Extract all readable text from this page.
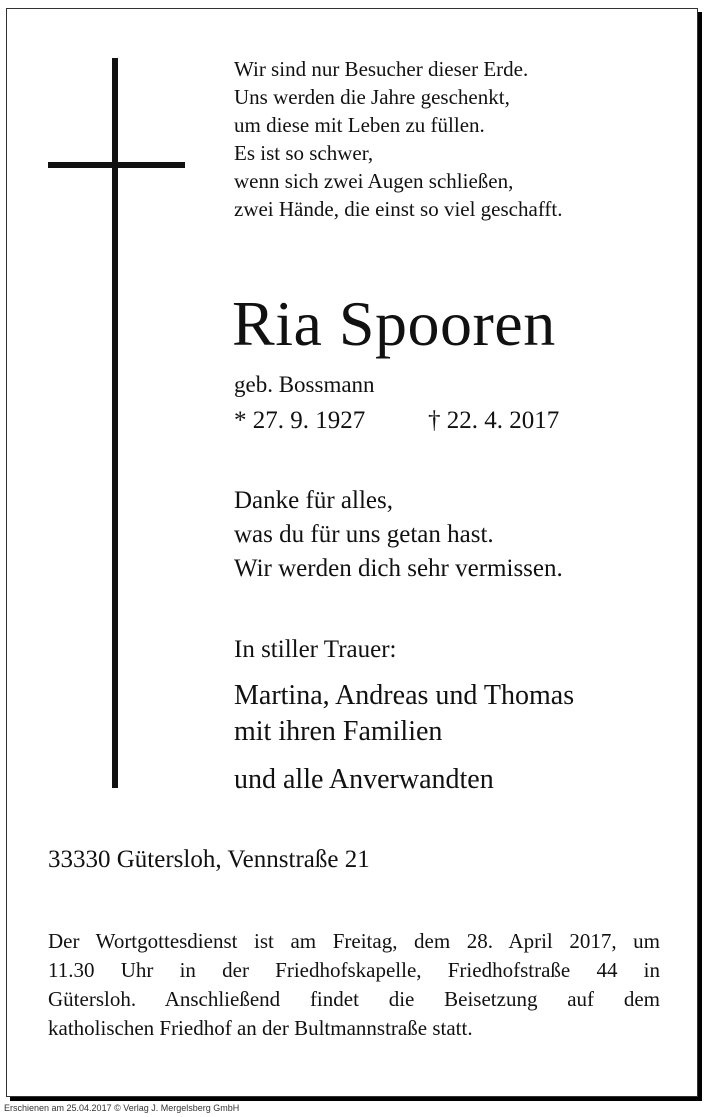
Wir sind nur Besucher dieser Erde.
Uns werden die Jahre geschenkt,
um diese mit Leben zu füllen.
Es ist so schwer,
wenn sich zwei Augen schließen,
zwei Hände, die einst so viel geschafft.
Ria Spooren
geb. Bossmann
* 27. 9. 1927	† 22. 4. 2017
Danke für alles,
was du für uns getan hast.
Wir werden dich sehr vermissen.
In stiller Trauer:
Martina, Andreas und Thomas
mit ihren Familien
und alle Anverwandten
33330 Gütersloh, Vennstraße 21
Der Wortgottesdienst ist am Freitag, dem 28. April 2017, um
11.30 Uhr in der Friedhofskapelle, Friedhofstraße 44 in
Gütersloh. Anschließend findet die Beisetzung auf dem
katholischen Friedhof an der Bultmannstraße statt.
Erschienen am 25.04.2017 © Verlag J. Mergelsberg GmbH
